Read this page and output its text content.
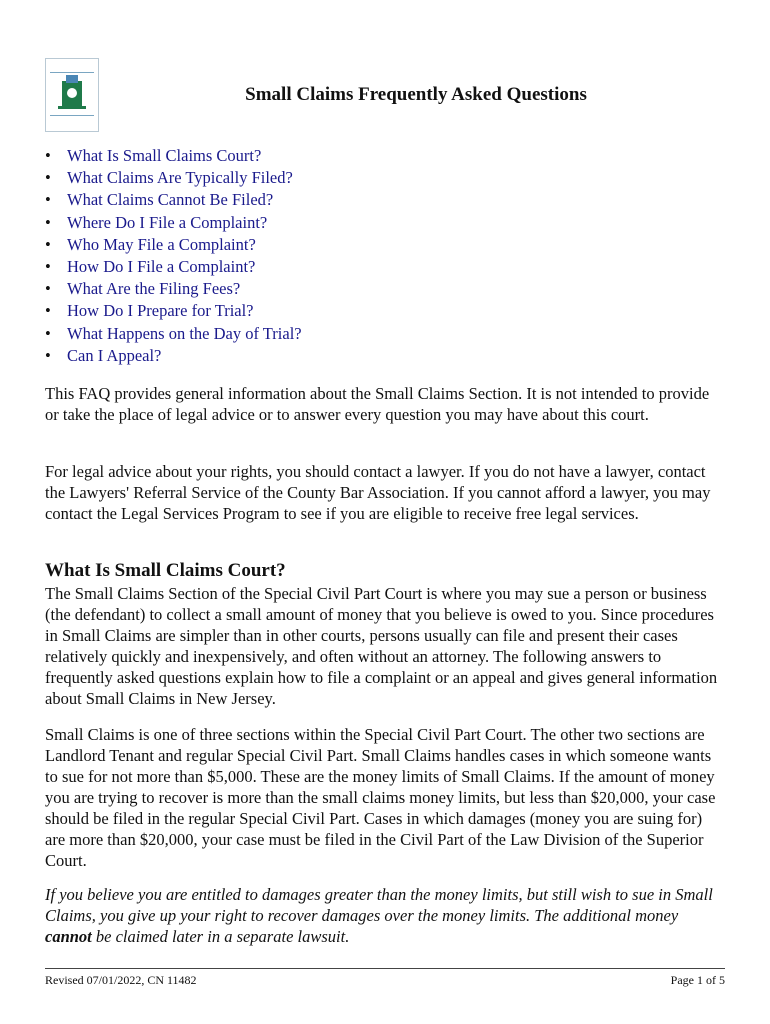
Small Claims Frequently Asked Questions
• What Is Small Claims Court?
• What Claims Are Typically Filed?
• What Claims Cannot Be Filed?
• Where Do I File a Complaint?
• Who May File a Complaint?
• How Do I File a Complaint?
• What Are the Filing Fees?
• How Do I Prepare for Trial?
• What Happens on the Day of Trial?
• Can I Appeal?

This FAQ provides general information about the Small Claims Section. It is not intended to provide or take the place of legal advice or to answer every question you may have about this court.

For legal advice about your rights, you should contact a lawyer. If you do not have a lawyer, contact the Lawyers' Referral Service of the County Bar Association. If you cannot afford a lawyer, you may contact the Legal Services Program to see if you are eligible to receive free legal services.

What Is Small Claims Court?

The Small Claims Section of the Special Civil Part Court is where you may sue a person or business (the defendant) to collect a small amount of money that you believe is owed to you. Since procedures in Small Claims are simpler than in other courts, persons usually can file and present their cases relatively quickly and inexpensively, and often without an attorney. The following answers to frequently asked questions explain how to file a complaint or an appeal and gives general information about Small Claims in New Jersey.

Small Claims is one of three sections within the Special Civil Part Court. The other two sections are Landlord Tenant and regular Special Civil Part. Small Claims handles cases in which someone wants to sue for not more than $5,000. These are the money limits of Small Claims. If the amount of money you are trying to recover is more than the small claims money limits, but less than $20,000, your case should be filed in the regular Special Civil Part. Cases in which damages (money you are suing for) are more than $20,000, your case must be filed in the Civil Part of the Law Division of the Superior Court.

If you believe you are entitled to damages greater than the money limits, but still wish to sue in Small Claims, you give up your right to recover damages over the money limits. The additional money cannot be claimed later in a separate lawsuit.

Revised 07/01/2022, CN 11482	Page 1 of 5
